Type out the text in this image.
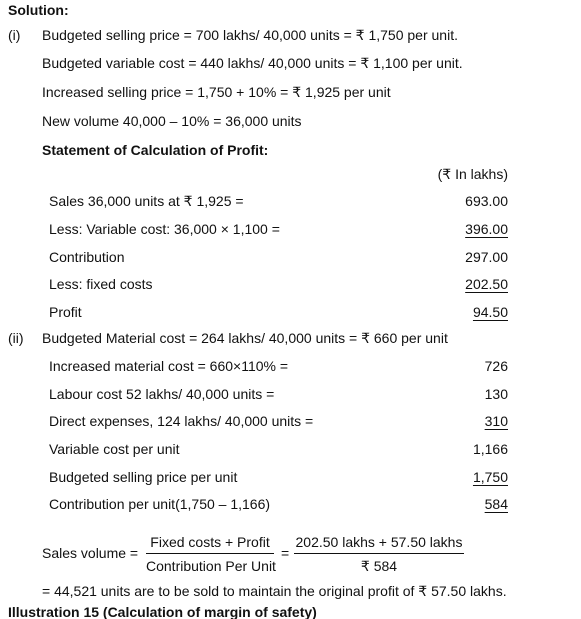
Solution:
(i) Budgeted selling price = 700 lakhs/ 40,000 units = ₹ 1,750 per unit.
Budgeted variable cost = 440 lakhs/ 40,000 units = ₹ 1,100 per unit.
Increased selling price = 1,750 + 10% = ₹ 1,925 per unit
New volume 40,000 – 10% = 36,000 units
Statement of Calculation of Profit:
(₹ In lakhs)
Sales 36,000 units at ₹ 1,925 =	693.00
Less: Variable cost: 36,000 × 1,100 =	396.00
Contribution	297.00
Less: fixed costs	202.50
Profit	94.50
(ii) Budgeted Material cost = 264 lakhs/ 40,000 units = ₹ 660 per unit
Increased material cost = 660×110% =	726
Labour cost 52 lakhs/ 40,000 units =	130
Direct expenses, 124 lakhs/ 40,000 units =	310
Variable cost per unit	1,166
Budgeted selling price per unit	1,750
Contribution per unit(1,750 – 1,166)	584
Sales volume =
Fixed costs + Profit
Contribution Per Unit
=
202.50 lakhs + 57.50 lakhs
₹ 584
= 44,521 units are to be sold to maintain the original profit of ₹ 57.50 lakhs.
Illustration 15 (Calculation of margin of safety)
